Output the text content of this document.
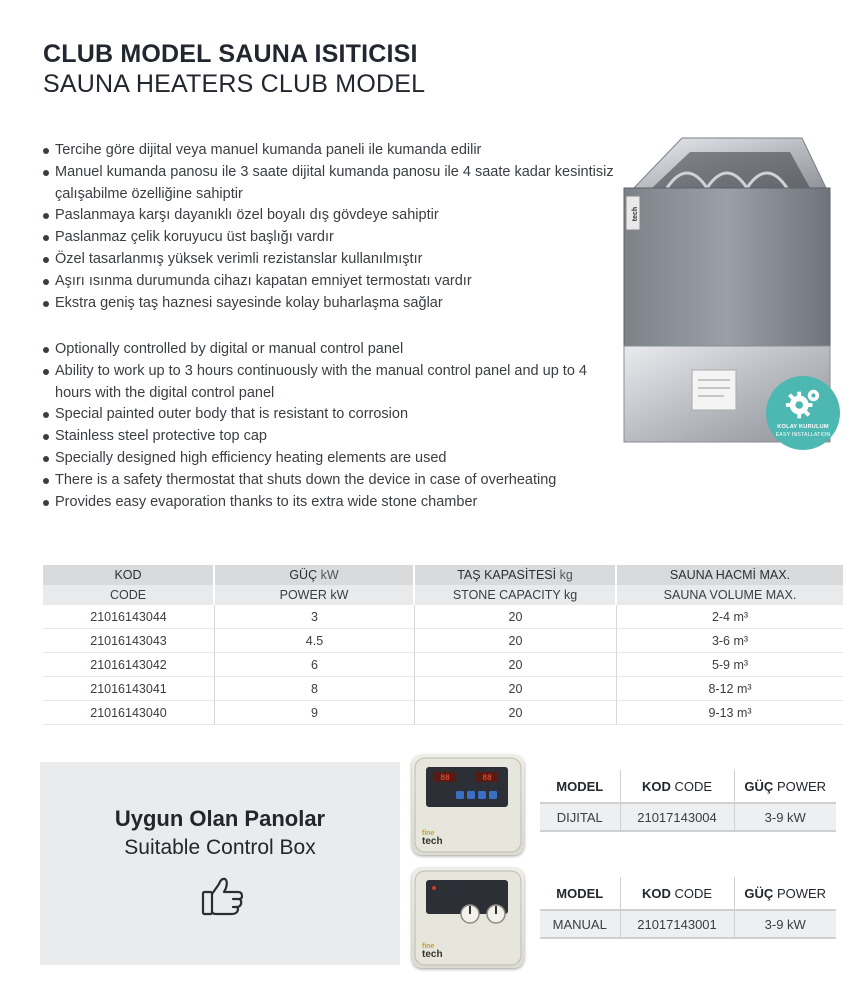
CLUB MODEL SAUNA ISITICISI
SAUNA HEATERS CLUB MODEL
Tercihe göre dijital veya manuel kumanda paneli ile kumanda edilir
Manuel kumanda panosu ile 3 saate dijital kumanda panosu ile 4 saate kadar kesintisiz çalışabilme özelliğine sahiptir
Paslanmaya karşı dayanıklı özel boyalı dış gövdeye sahiptir
Paslanmaz çelik koruyucu üst başlığı vardır
Özel tasarlanmış yüksek verimli rezistanslar kullanılmıştır
Aşırı ısınma durumunda cihazı kapatan emniyet termostatı vardır
Ekstra geniş taş haznesi sayesinde kolay buharlaşma sağlar
Optionally controlled by digital or manual control panel
Ability to work up to 3 hours continuously with the manual control panel and up to 4 hours with the digital control panel
Special painted outer body that is resistant to corrosion
Stainless steel protective top cap
Specially designed high efficiency heating elements are used
There is a safety thermostat that shuts down the device in case of overheating
Provides easy evaporation thanks to its extra wide stone chamber
tech
KOLAY KURULUM
EASY INSTALLATION
KOD	GÜÇ kW	TAŞ KAPASİTESİ kg	SAUNA HACMİ MAX.
CODE	POWER kW	STONE CAPACITY kg	SAUNA VOLUME MAX.
21016143044	3	20	2-4 m³
21016143043	4.5	20	3-6 m³
21016143042	6	20	5-9 m³
21016143041	8	20	8-12 m³
21016143040	9	20	9-13 m³
Uygun Olan Panolar
Suitable Control Box
88	88
fine
tech
fine
tech
MODEL	KOD CODE	GÜÇ POWER
DIJITAL	21017143004	3-9 kW
MODEL	KOD CODE	GÜÇ POWER
MANUAL	21017143001	3-9 kW
